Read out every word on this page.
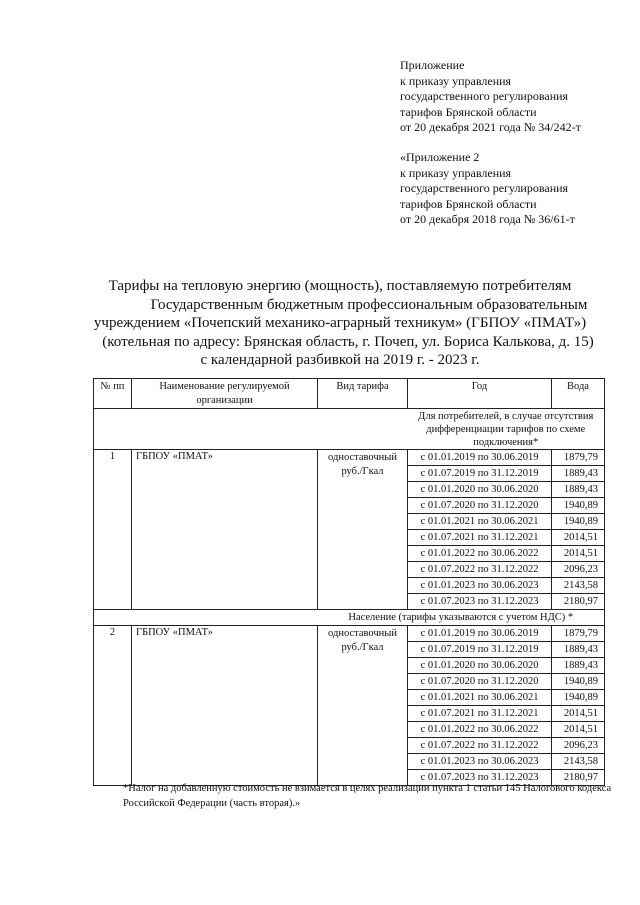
Приложение
к приказу управления
государственного регулирования
тарифов Брянской области
от 20 декабря 2021 года № 34/242-т
«Приложение 2
к приказу управления
государственного регулирования
тарифов Брянской области
от 20 декабря 2018 года № 36/61-т
Тарифы на тепловую энергию (мощность), поставляемую потребителям
Государственным бюджетным профессиональным образовательным
учреждением «Почепский механико-аграрный техникум» (ГБПОУ «ПМАТ»)
(котельная по адресу: Брянская область, г. Почеп, ул. Бориса Калькова, д. 15)
с календарной разбивкой на 2019 г. - 2023 г.
№ пп	Наименование регулируемой организации	Вид тарифа	Год	Вода
			Для потребителей, в случае отсутствия дифференциации тарифов по схеме подключения*	
1	ГБПОУ «ПМАТ»	одноставочный руб./Гкал	с 01.01.2019 по 30.06.2019	1879,79
			с 01.07.2019 по 31.12.2019	1889,43
			с 01.01.2020 по 30.06.2020	1889,43
			с 01.07.2020 по 31.12.2020	1940,89
			с 01.01.2021 по 30.06.2021	1940,89
			с 01.07.2021 по 31.12.2021	2014,51
			с 01.01.2022 по 30.06.2022	2014,51
			с 01.07.2022 по 31.12.2022	2096,23
			с 01.01.2023 по 30.06.2023	2143,58
			с 01.07.2023 по 31.12.2023	2180,97
		Население (тарифы указываются с учетом НДС) *		
2	ГБПОУ «ПМАТ»	одноставочный руб./Гкал	с 01.01.2019 по 30.06.2019	1879,79
			с 01.07.2019 по 31.12.2019	1889,43
			с 01.01.2020 по 30.06.2020	1889,43
			с 01.07.2020 по 31.12.2020	1940,89
			с 01.01.2021 по 30.06.2021	1940,89
			с 01.07.2021 по 31.12.2021	2014,51
			с 01.01.2022 по 30.06.2022	2014,51
			с 01.07.2022 по 31.12.2022	2096,23
			с 01.01.2023 по 30.06.2023	2143,58
			с 01.07.2023 по 31.12.2023	2180,97
*Налог на добавленную стоимость не взимается в целях реализации пункта 1 статьи 145 Налогового кодекса Российской Федерации (часть вторая).»
